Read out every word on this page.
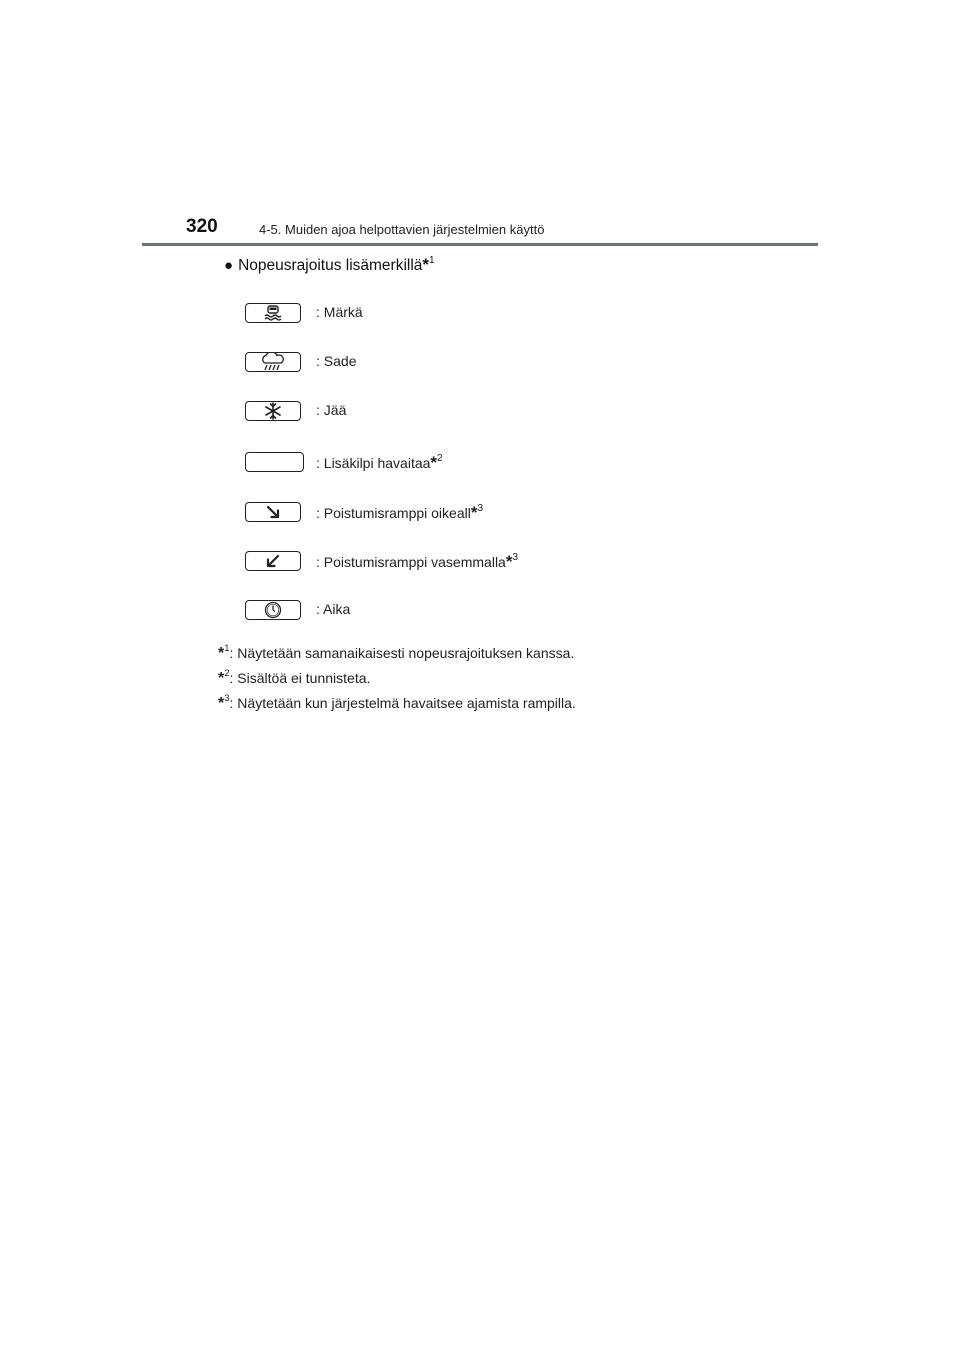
320	4-5. Muiden ajoa helpottavien järjestelmien käyttö
● Nopeusrajoitus lisämerkillä*$^1$
: Märkä
: Sade
: Jää
: Lisäkilpi havaitaa*$^2$
: Poistumisramppi oikeall*$^3$
: Poistumisramppi vasemmalla*$^3$
: Aika
*$^1$: Näytetään samanaikaisesti nopeusrajoituksen kanssa.
*$^2$: Sisältöä ei tunnisteta.
*$^3$: Näytetään kun järjestelmä havaitsee ajamista rampilla.
